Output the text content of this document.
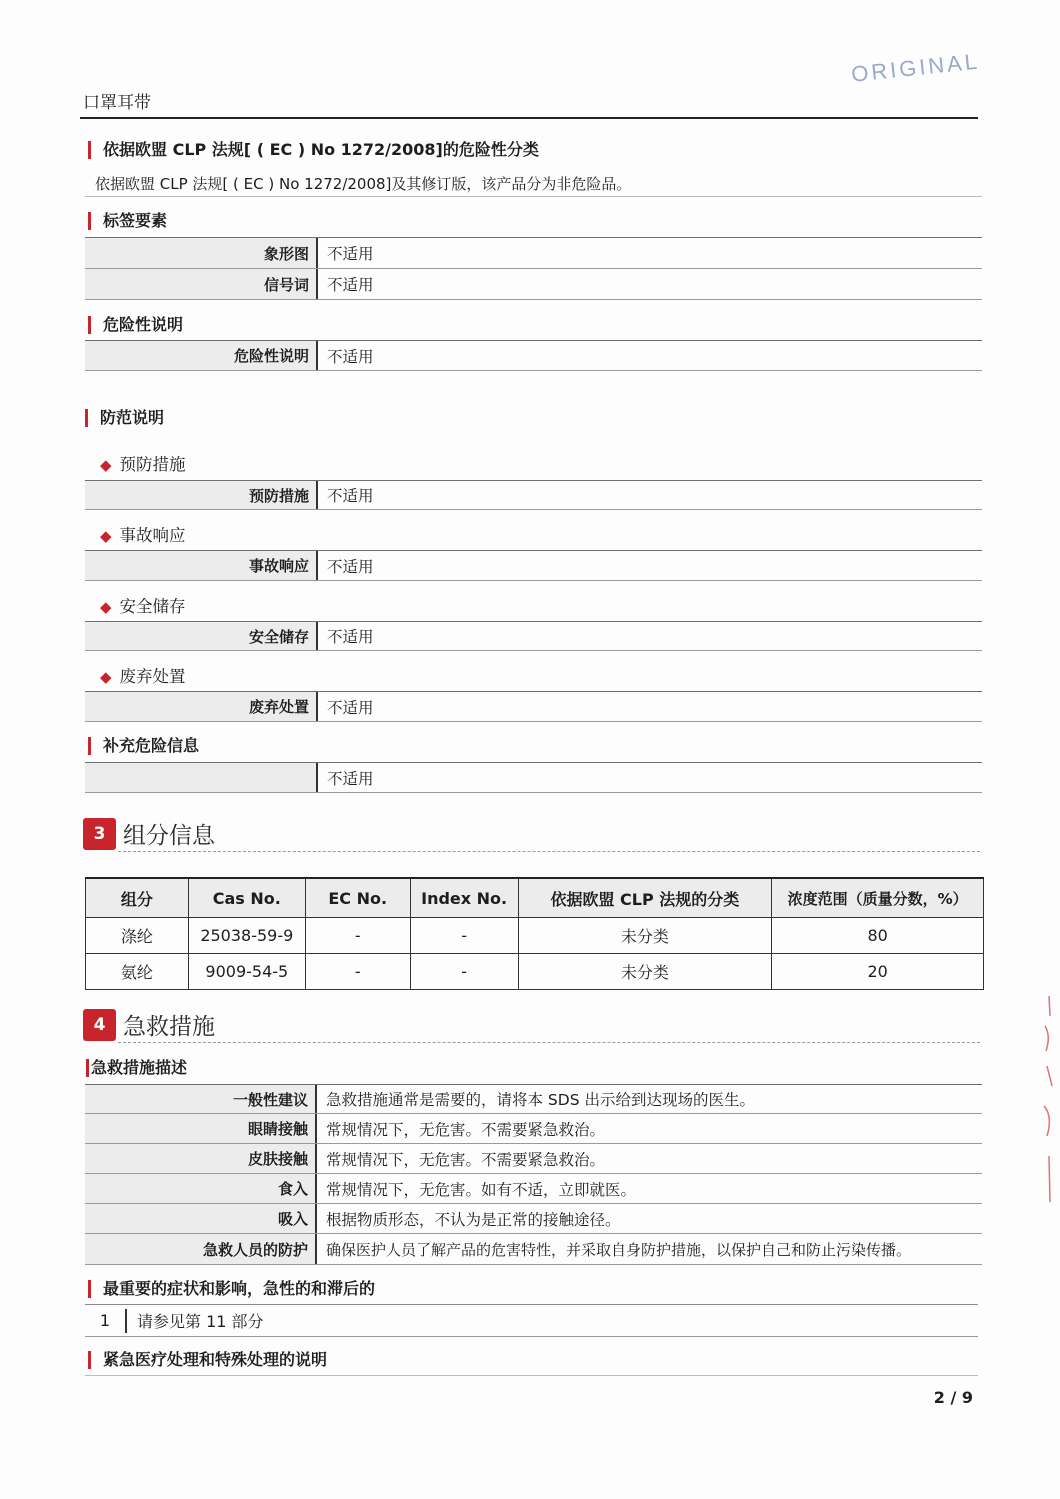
ORIGINAL
口罩耳带
依据欧盟 CLP 法规[ ( EC ) No 1272/2008]的危险性分类
依据欧盟 CLP 法规[ ( EC ) No 1272/2008]及其修订版，该产品分为非危险品。
标签要素
象形图	不适用
信号词	不适用
危险性说明
危险性说明	不适用
防范说明
◆ 预防措施
预防措施	不适用
◆ 事故响应
事故响应	不适用
◆ 安全储存
安全储存	不适用
◆ 废弃处置
废弃处置	不适用
补充危险信息
不适用
3 组分信息
组分	Cas No.	EC No.	Index No.	依据欧盟 CLP 法规的分类	浓度范围（质量分数，%）
涤纶	25038-59-9	-	-	未分类	80
氨纶	9009-54-5	-	-	未分类	20
4 急救措施
急救措施描述
一般性建议	急救措施通常是需要的，请将本 SDS 出示给到达现场的医生。
眼睛接触	常规情况下，无危害。不需要紧急救治。
皮肤接触	常规情况下，无危害。不需要紧急救治。
食入	常规情况下，无危害。如有不适，立即就医。
吸入	根据物质形态，不认为是正常的接触途径。
急救人员的防护	确保医护人员了解产品的危害特性，并采取自身防护措施，以保护自己和防止污染传播。
最重要的症状和影响，急性的和滞后的
1	请参见第 11 部分
紧急医疗处理和特殊处理的说明
2 / 9
